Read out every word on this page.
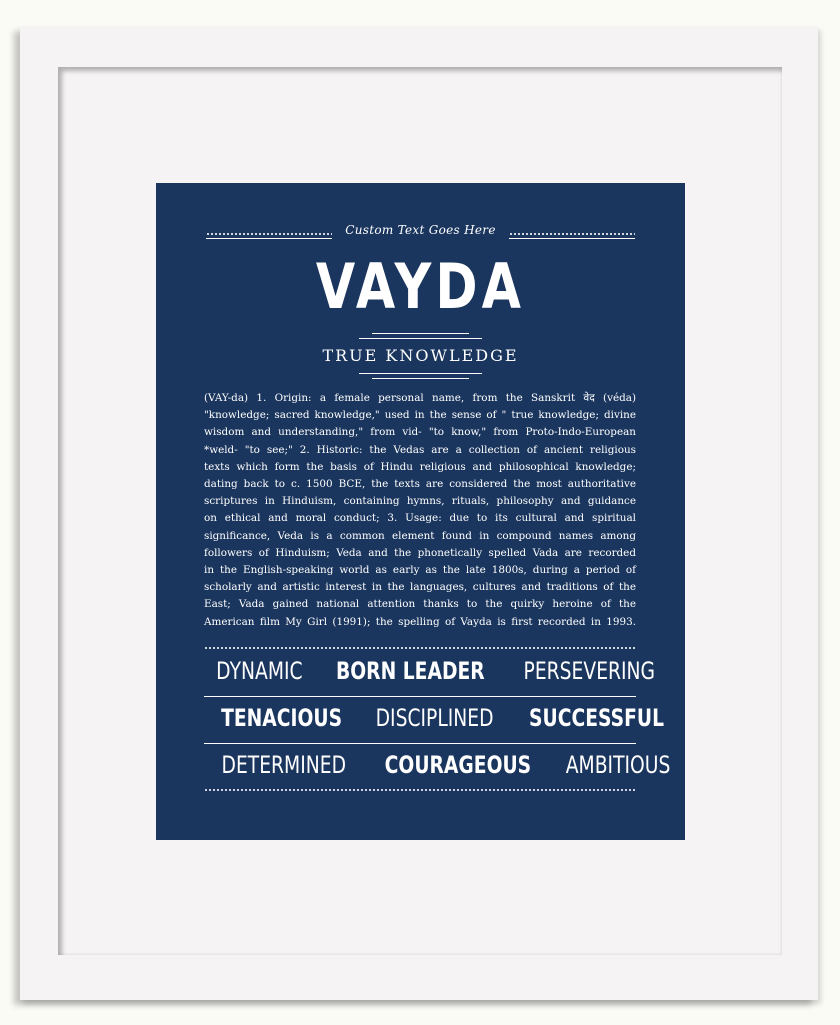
Custom Text Goes Here
VAYDA
TRUE KNOWLEDGE
(VAY-da) 1. Origin: a female personal name, from the Sanskrit वेद (véda)
"knowledge; sacred knowledge," used in the sense of " true knowledge; divine
wisdom and understanding," from vid- "to know," from Proto-Indo-European
*weld- "to see;" 2. Historic: the Vedas are a collection of ancient religious
texts which form the basis of Hindu religious and philosophical knowledge;
dating back to c. 1500 BCE, the texts are considered the most authoritative
scriptures in Hinduism, containing hymns, rituals, philosophy and guidance
on ethical and moral conduct; 3. Usage: due to its cultural and spiritual
significance, Veda is a common element found in compound names among
followers of Hinduism; Veda and the phonetically spelled Vada are recorded
in the English-speaking world as early as the late 1800s, during a period of
scholarly and artistic interest in the languages, cultures and traditions of the
East; Vada gained national attention thanks to the quirky heroine of the
American film My Girl (1991); the spelling of Vayda is first recorded in 1993.
DYNAMIC BORN LEADER PERSEVERING
TENACIOUS DISCIPLINED SUCCESSFUL
DETERMINED COURAGEOUS AMBITIOUS
